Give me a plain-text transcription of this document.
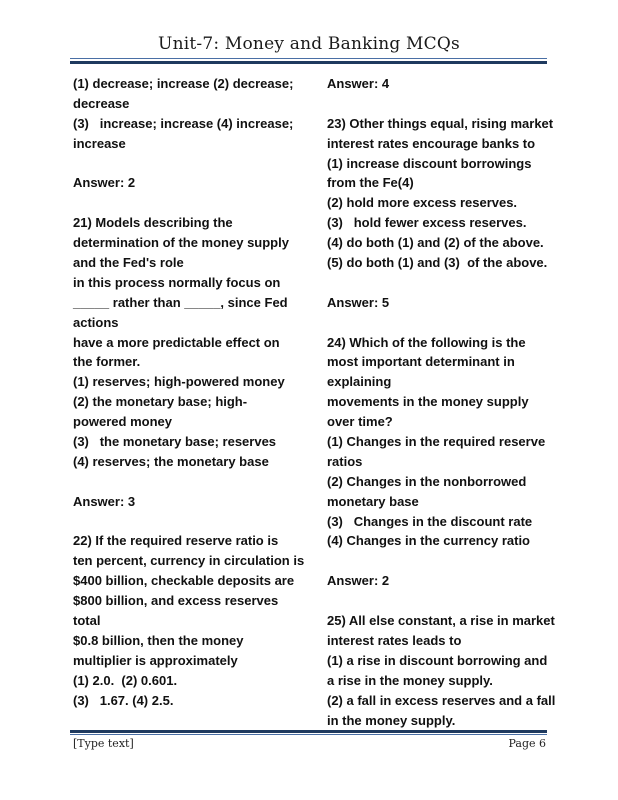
Unit-7: Money and Banking MCQs
(1) decrease; increase (2) decrease;
decrease
(3)   increase; increase (4) increase;
increase
Answer: 2
21) Models describing the
determination of the money supply
and the Fed's role
in this process normally focus on
_____ rather than _____, since Fed
actions
have a more predictable effect on
the former.
(1) reserves; high-powered money
(2) the monetary base; high-
powered money
(3)   the monetary base; reserves
(4) reserves; the monetary base
Answer: 3
22) If the required reserve ratio is
ten percent, currency in circulation is
$400 billion, checkable deposits are
$800 billion, and excess reserves
total
$0.8 billion, then the money
multiplier is approximately
(1) 2.0.  (2) 0.601.
(3)   1.67. (4) 2.5.
Answer: 4
23) Other things equal, rising market
interest rates encourage banks to
(1) increase discount borrowings
from the Fe(4)
(2) hold more excess reserves.
(3)   hold fewer excess reserves.
(4) do both (1) and (2) of the above.
(5) do both (1) and (3)  of the above.
Answer: 5
24) Which of the following is the
most important determinant in
explaining
movements in the money supply
over time?
(1) Changes in the required reserve
ratios
(2) Changes in the nonborrowed
monetary base
(3)   Changes in the discount rate
(4) Changes in the currency ratio
Answer: 2
25) All else constant, a rise in market
interest rates leads to
(1) a rise in discount borrowing and
a rise in the money supply.
(2) a fall in excess reserves and a fall
in the money supply.
[Type text]	Page 6
